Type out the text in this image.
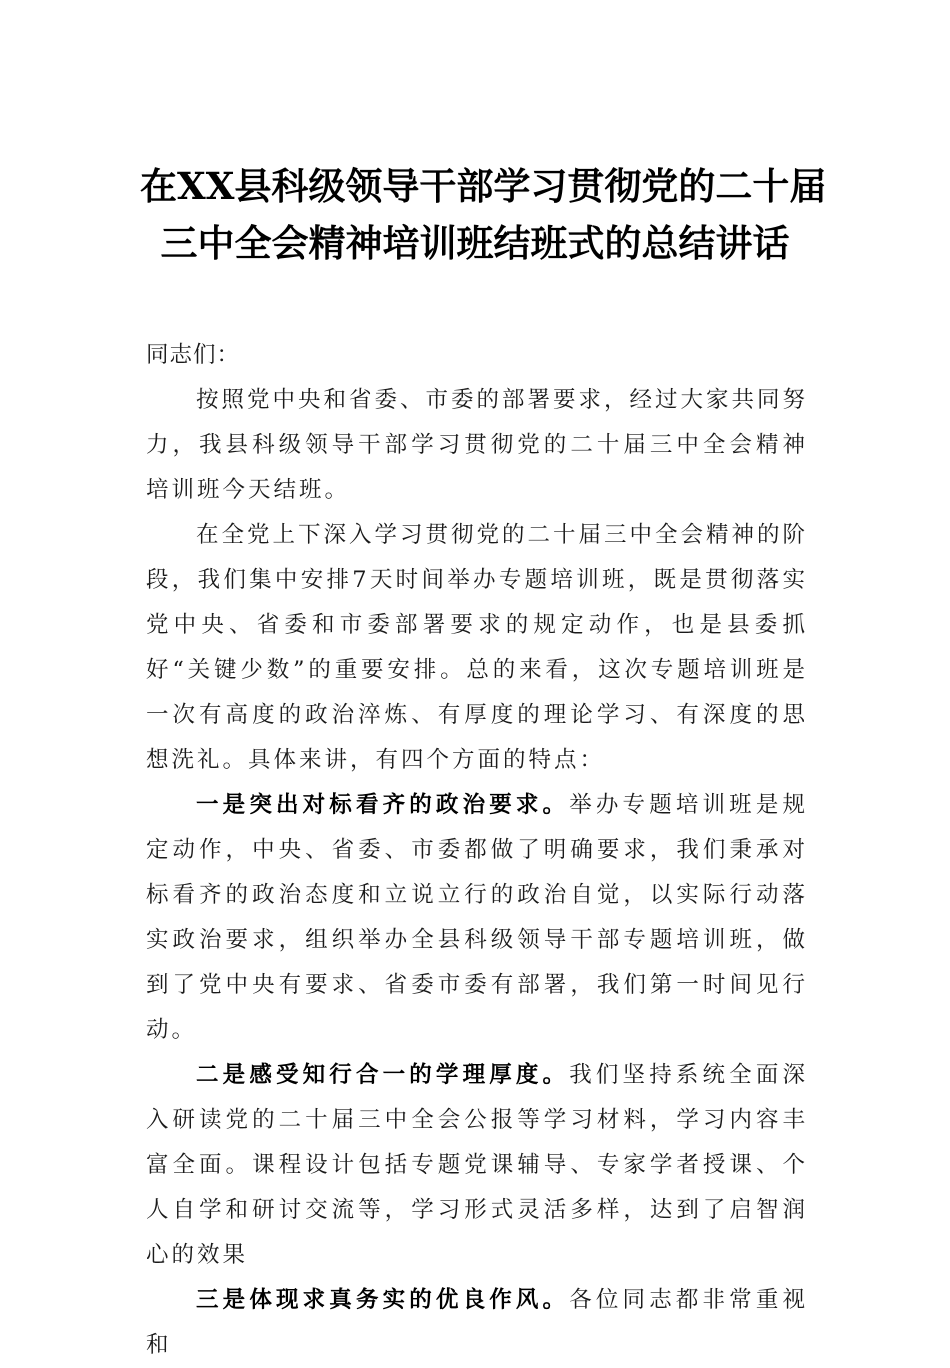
在XX县科级领导干部学习贯彻党的二十届
三中全会精神培训班结班式的总结讲话

同志们：

按照党中央和省委、市委的部署要求，经过大家共同努力，我县科级领导干部学习贯彻党的二十届三中全会精神培训班今天结班。

在全党上下深入学习贯彻党的二十届三中全会精神的阶段，我们集中安排7天时间举办专题培训班，既是贯彻落实党中央、省委和市委部署要求的规定动作，也是县委抓好“关键少数”的重要安排。总的来看，这次专题培训班是一次有高度的政治淬炼、有厚度的理论学习、有深度的思想洗礼。具体来讲，有四个方面的特点：

一是突出对标看齐的政治要求。举办专题培训班是规定动作，中央、省委、市委都做了明确要求，我们秉承对标看齐的政治态度和立说立行的政治自觉，以实际行动落实政治要求，组织举办全县科级领导干部专题培训班，做到了党中央有要求、省委市委有部署，我们第一时间见行动。

二是感受知行合一的学理厚度。我们坚持系统全面深入研读党的二十届三中全会公报等学习材料，学习内容丰富全面。课程设计包括专题党课辅导、专家学者授课、个人自学和研讨交流等，学习形式灵活多样，达到了启智润心的效果

三是体现求真务实的优良作风。各位同志都非常重视和
